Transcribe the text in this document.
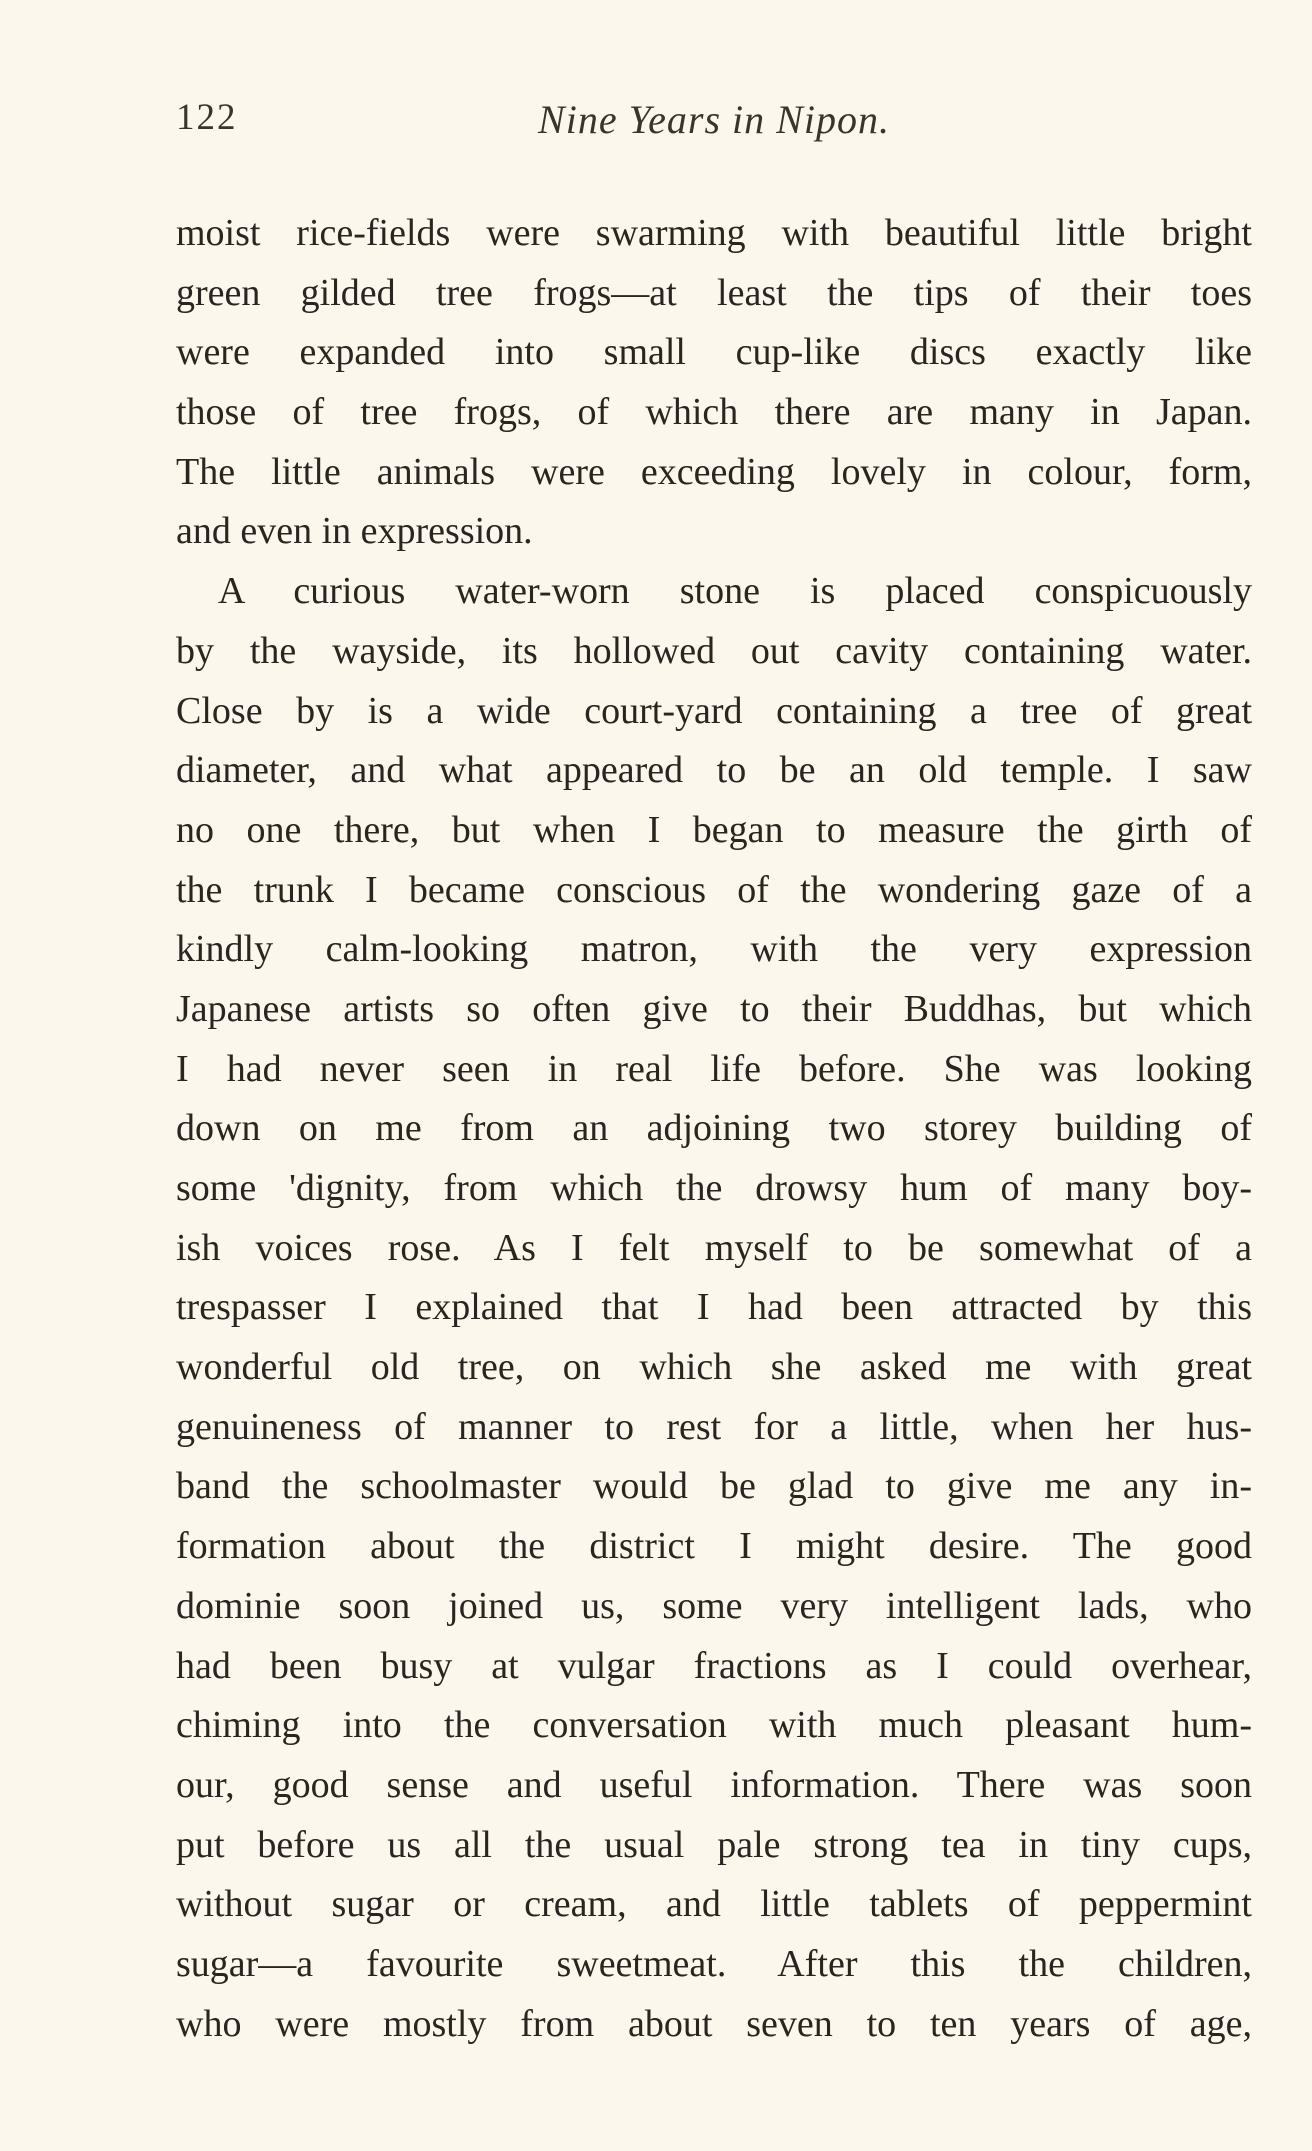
122	Nine Years in Nipon.
moist rice-fields were swarming with beautiful little bright
green gilded tree frogs—at least the tips of their toes
were expanded into small cup-like discs exactly like
those of tree frogs, of which there are many in Japan.
The little animals were exceeding lovely in colour, form,
and even in expression.
A curious water-worn stone is placed conspicuously
by the wayside, its hollowed out cavity containing water.
Close by is a wide court-yard containing a tree of great
diameter, and what appeared to be an old temple. I saw
no one there, but when I began to measure the girth of
the trunk I became conscious of the wondering gaze of a
kindly calm-looking matron, with the very expression
Japanese artists so often give to their Buddhas, but which
I had never seen in real life before. She was looking
down on me from an adjoining two storey building of
some 'dignity, from which the drowsy hum of many boy-
ish voices rose. As I felt myself to be somewhat of a
trespasser I explained that I had been attracted by this
wonderful old tree, on which she asked me with great
genuineness of manner to rest for a little, when her hus-
band the schoolmaster would be glad to give me any in-
formation about the district I might desire. The good
dominie soon joined us, some very intelligent lads, who
had been busy at vulgar fractions as I could overhear,
chiming into the conversation with much pleasant hum-
our, good sense and useful information. There was soon
put before us all the usual pale strong tea in tiny cups,
without sugar or cream, and little tablets of peppermint
sugar—a favourite sweetmeat. After this the children,
who were mostly from about seven to ten years of age,
